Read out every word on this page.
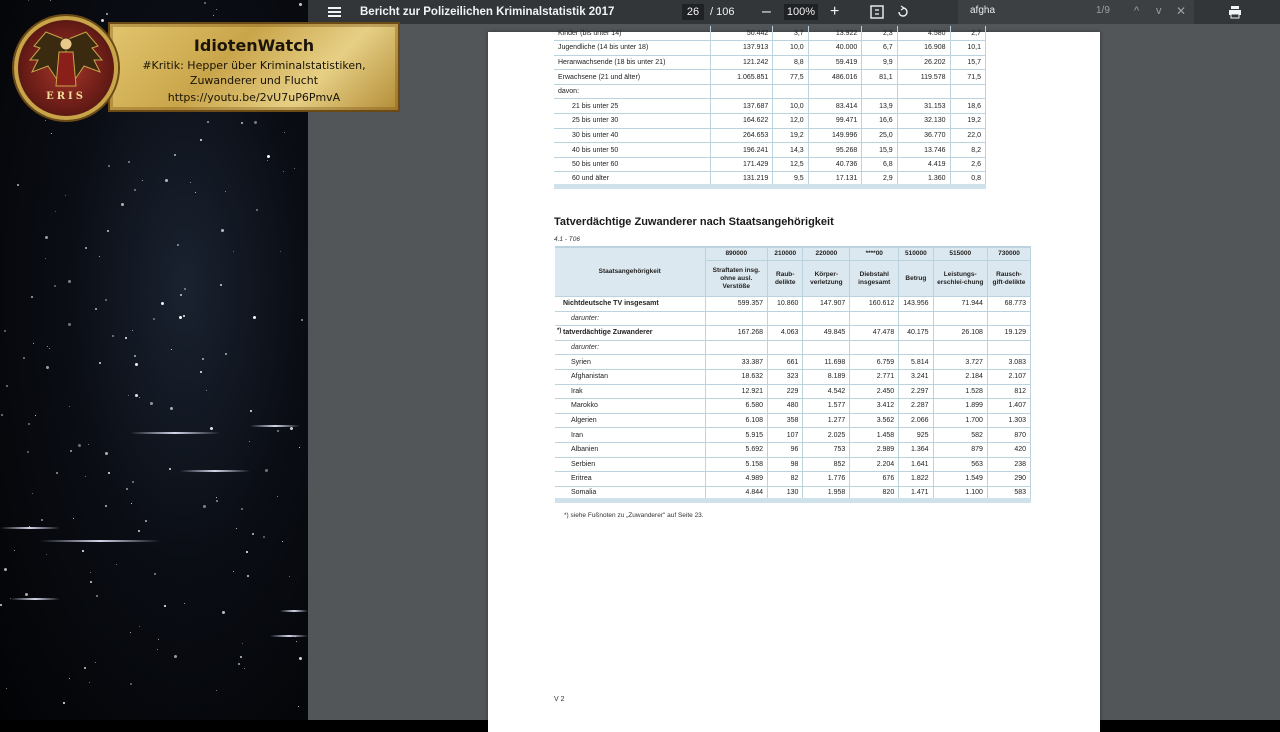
IdiotenWatch
#Kritik: Hepper über Kriminalstatistiken, Zuwanderer und Flucht
https://youtu.be/2vU7uP6PmvA
ERIS
Bericht zur Polizeilichen Kriminalstatistik 2017	26 / 106 – 100% +	afgha	1/9 ^ v ✕
Kinder (bis unter 14)	50.442	3,7	13.922	2,3	4.580	2,7
Jugendliche (14 bis unter 18)	137.913	10,0	40.000	6,7	16.908	10,1
Heranwachsende (18 bis unter 21)	121.242	8,8	59.419	9,9	26.202	15,7
Erwachsene (21 und älter)	1.065.851	77,5	486.016	81,1	119.578	71,5
davon:						
21 bis unter 25	137.687	10,0	83.414	13,9	31.153	18,6
25 bis unter 30	164.622	12,0	99.471	16,6	32.130	19,2
30 bis unter 40	264.653	19,2	149.996	25,0	36.770	22,0
40 bis unter 50	196.241	14,3	95.268	15,9	13.746	8,2
50 bis unter 60	171.429	12,5	40.736	6,8	4.419	2,6
60 und älter	131.219	9,5	17.131	2,9	1.360	0,8
Tatverdächtige Zuwanderer nach Staatsangehörigkeit
4.1 - T06
Staatsangehörigkeit	890000	210000	220000	****00	510000	515000	730000
	Straftaten insg. ohne ausl. Verstöße	Raub-delikte	Körper-verletzung	Diebstahl insgesamt	Betrug	Leistungs-erschlei-chung	Rausch-gift-delikte
Nichtdeutsche TV insgesamt	599.357	10.860	147.907	160.612	143.956	71.944	68.773
darunter:							

*) tatverdächtige Zuwanderer	167.268	4.063	49.845	47.478	40.175	26.108	19.129
darunter:							
Syrien	33.387	661	11.698	6.759	5.814	3.727	3.083
Afghanistan	18.632	323	8.189	2.771	3.241	2.184	2.107
Irak	12.921	229	4.542	2.450	2.297	1.528	812
Marokko	6.580	480	1.577	3.412	2.287	1.899	1.407
Algerien	6.108	358	1.277	3.562	2.066	1.700	1.303
Iran	5.915	107	2.025	1.458	925	582	870
Albanien	5.692	96	753	2.989	1.364	879	420
Serbien	5.158	98	852	2.204	1.641	563	238
Eritrea	4.989	82	1.776	676	1.822	1.549	290
Somalia	4.844	130	1.958	820	1.471	1.100	583
*) siehe Fußnoten zu „Zuwanderer" auf Seite 23.
V 2
